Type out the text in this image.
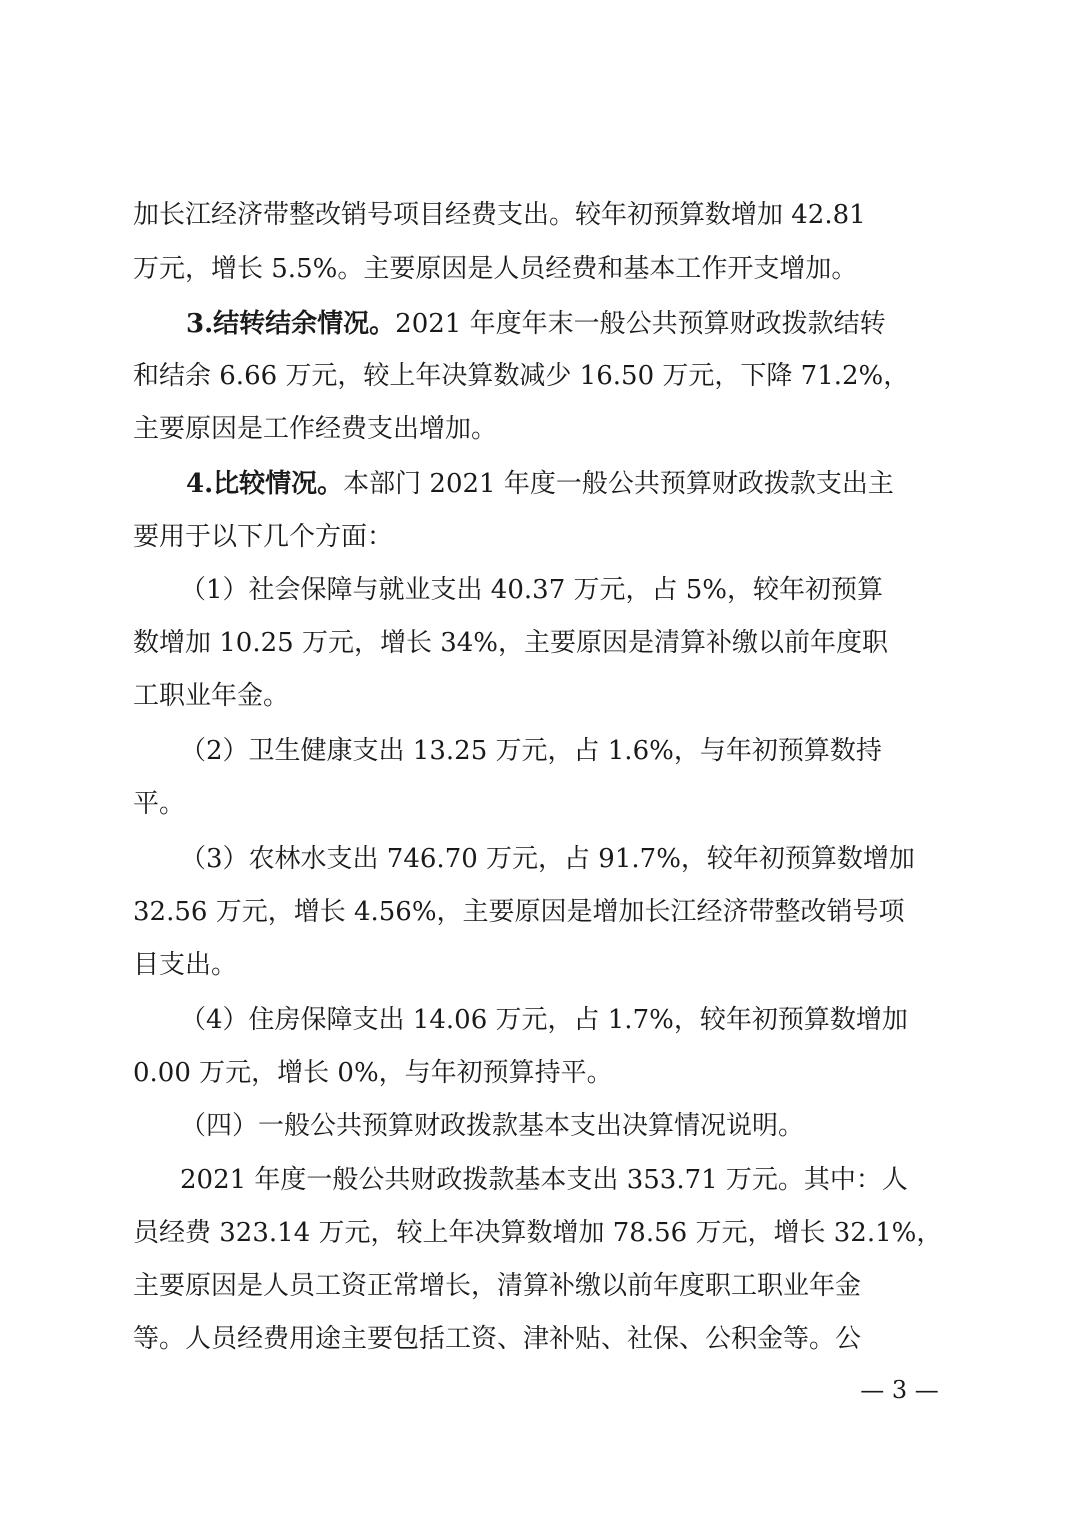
加长江经济带整改销号项目经费支出。较年初预算数增加 42.81
万元，增长 5.5%。主要原因是人员经费和基本工作开支增加。
3.结转结余情况。2021 年度年末一般公共预算财政拨款结转
和结余 6.66 万元，较上年决算数减少 16.50 万元，下降 71.2%，
主要原因是工作经费支出增加。
4.比较情况。本部门 2021 年度一般公共预算财政拨款支出主
要用于以下几个方面：
（1）社会保障与就业支出 40.37 万元，占 5%，较年初预算
数增加 10.25 万元，增长 34%，主要原因是清算补缴以前年度职
工职业年金。
（2）卫生健康支出 13.25 万元，占 1.6%，与年初预算数持
平。
（3）农林水支出 746.70 万元，占 91.7%，较年初预算数增加
32.56 万元，增长 4.56%，主要原因是增加长江经济带整改销号项
目支出。
（4）住房保障支出 14.06 万元，占 1.7%，较年初预算数增加
0.00 万元，增长 0%，与年初预算持平。
（四）一般公共预算财政拨款基本支出决算情况说明。
2021 年度一般公共财政拨款基本支出 353.71 万元。其中：人
员经费 323.14 万元，较上年决算数增加 78.56 万元，增长 32.1%，
主要原因是人员工资正常增长，清算补缴以前年度职工职业年金
等。人员经费用途主要包括工资、津补贴、社保、公积金等。公
— 3 —
